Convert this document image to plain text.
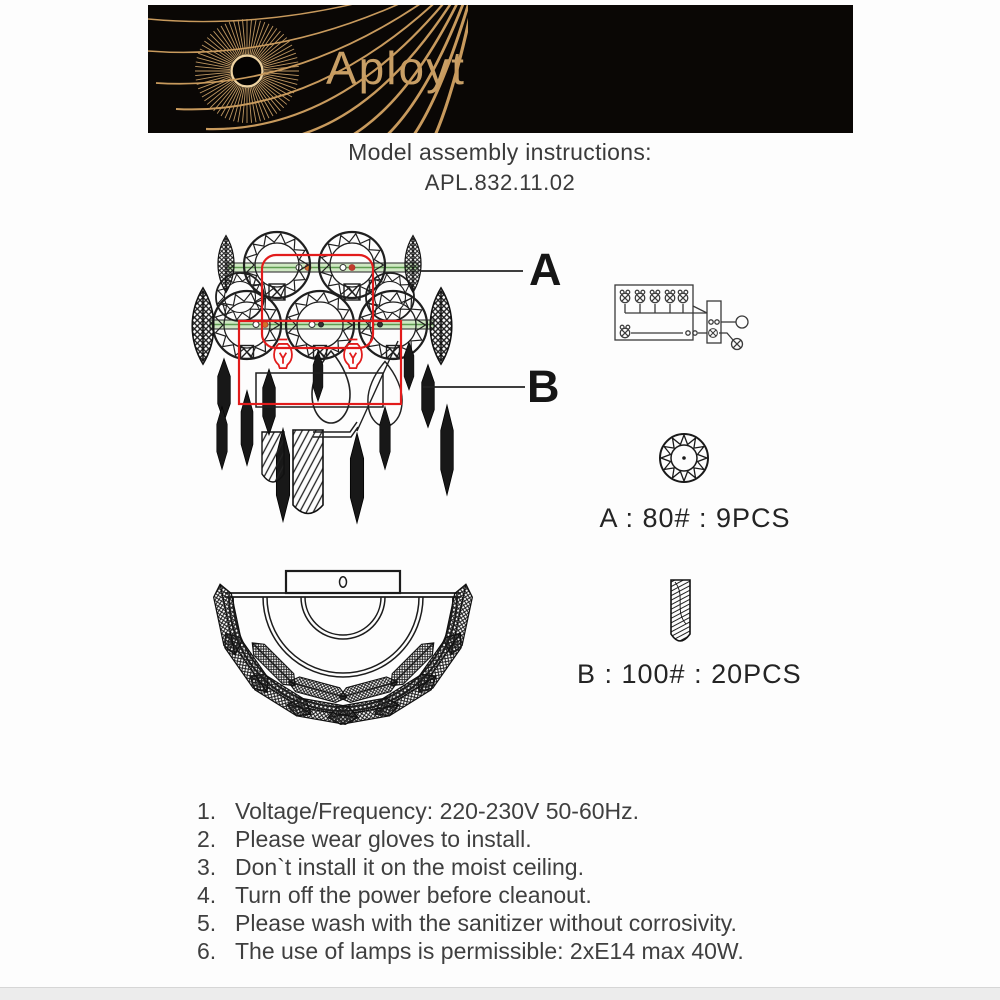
Aployt
Model assembly instructions:
APL.832.11.02
A
B
A : 80# : 9PCS
B : 100# : 20PCS
1. Voltage/Frequency: 220-230V 50-60Hz.
2. Please wear gloves to install.
3. Don`t install it on the moist ceiling.
4. Turn off the power before cleanout.
5. Please wash with the sanitizer without corrosivity.
6. The use of lamps is permissible: 2xE14 max 40W.
